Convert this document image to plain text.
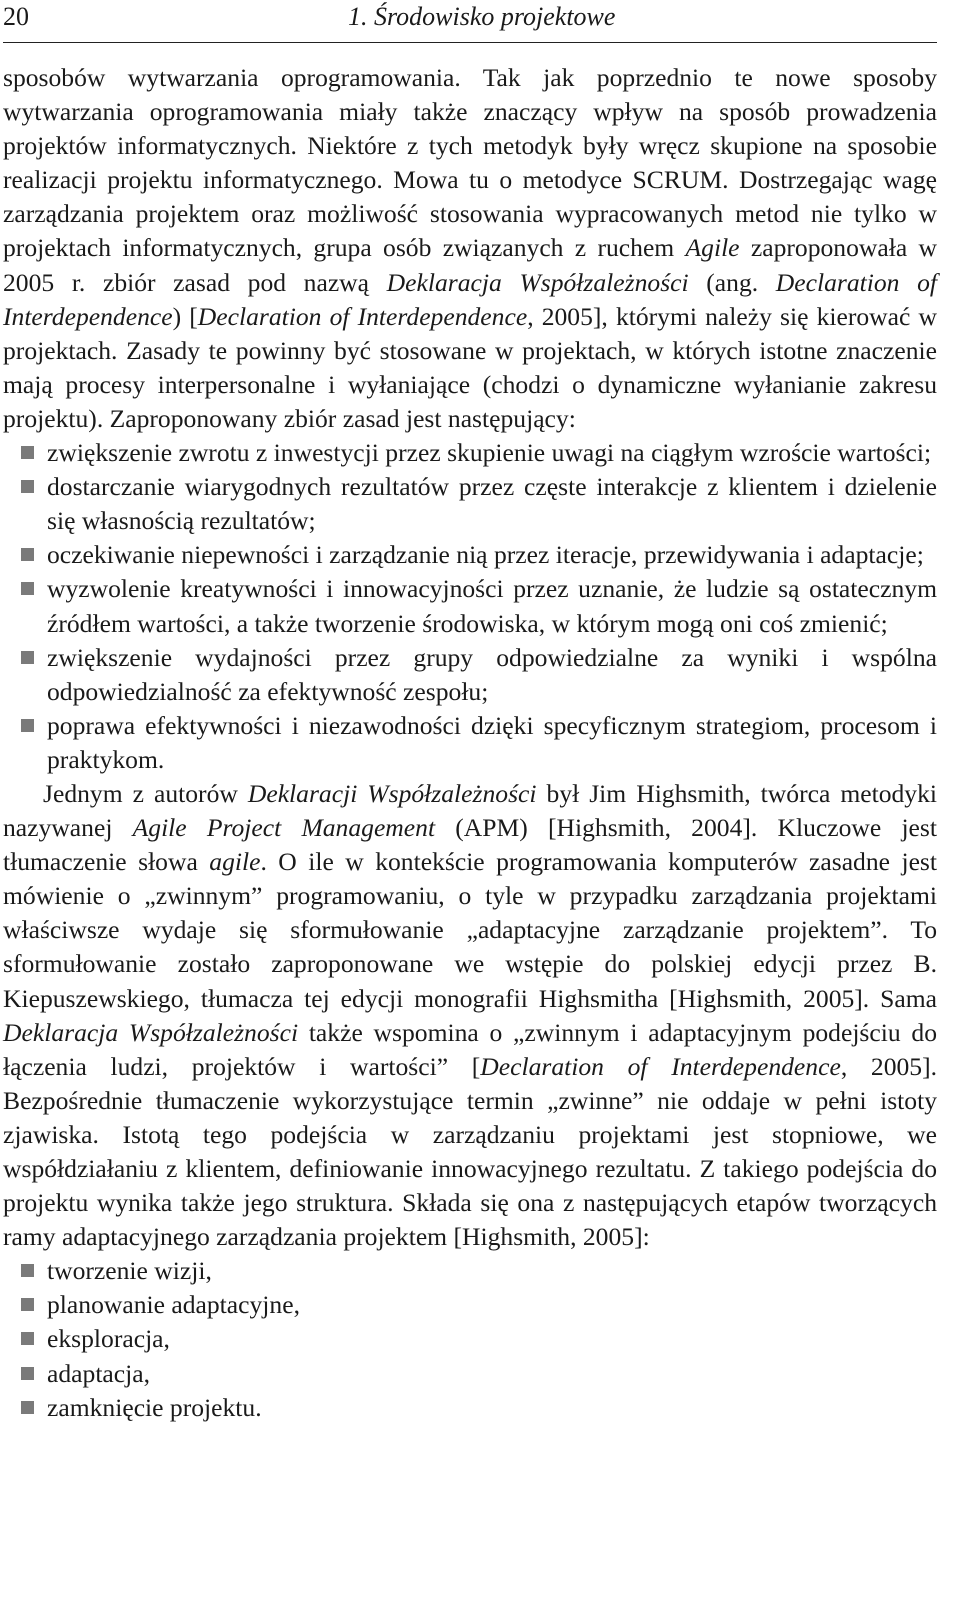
20	1. Środowisko projektowe

sposobów wytwarzania oprogramowania. Tak jak poprzednio te nowe sposoby wytwarzania oprogramowania miały także znaczący wpływ na sposób prowadzenia projektów informatycznych. Niektóre z tych metodyk były wręcz skupione na sposobie realizacji projektu informatycznego. Mowa tu o metodyce SCRUM. Dostrzegając wagę zarządzania projektem oraz możliwość stosowania wypracowanych metod nie tylko w projektach informatycznych, grupa osób związanych z ruchem Agile zaproponowała w 2005 r. zbiór zasad pod nazwą Deklaracja Współzależności (ang. Declaration of Interdependence) [Declaration of Interdependence, 2005], którymi należy się kierować w projektach. Zasady te powinny być stosowane w projektach, w których istotne znaczenie mają procesy interpersonalne i wyłaniające (chodzi o dynamiczne wyłanianie zakresu projektu). Zaproponowany zbiór zasad jest następujący:

zwiększenie zwrotu z inwestycji przez skupienie uwagi na ciągłym wzroście wartości;
dostarczanie wiarygodnych rezultatów przez częste interakcje z klientem i dzielenie się własnością rezultatów;
oczekiwanie niepewności i zarządzanie nią przez iteracje, przewidywania i adaptacje;
wyzwolenie kreatywności i innowacyjności przez uznanie, że ludzie są ostatecznym źródłem wartości, a także tworzenie środowiska, w którym mogą oni coś zmienić;
zwiększenie wydajności przez grupy odpowiedzialne za wyniki i wspólna odpowiedzialność za efektywność zespołu;
poprawa efektywności i niezawodności dzięki specyficznym strategiom, procesom i praktykom.

Jednym z autorów Deklaracji Współzależności był Jim Highsmith, twórca metodyki nazywanej Agile Project Management (APM) [Highsmith, 2004]. Kluczowe jest tłumaczenie słowa agile. O ile w kontekście programowania komputerów zasadne jest mówienie o „zwinnym” programowaniu, o tyle w przypadku zarządzania projektami właściwsze wydaje się sformułowanie „adaptacyjne zarządzanie projektem”. To sformułowanie zostało zaproponowane we wstępie do polskiej edycji przez B. Kiepuszewskiego, tłumacza tej edycji monografii Highsmitha [Highsmith, 2005]. Sama Deklaracja Współzależności także wspomina o „zwinnym i adaptacyjnym podejściu do łączenia ludzi, projektów i wartości” [Declaration of Interdependence, 2005]. Bezpośrednie tłumaczenie wykorzystujące termin „zwinne” nie oddaje w pełni istoty zjawiska. Istotą tego podejścia w zarządzaniu projektami jest stopniowe, we współdziałaniu z klientem, definiowanie innowacyjnego rezultatu. Z takiego podejścia do projektu wynika także jego struktura. Składa się ona z następujących etapów tworzących ramy adaptacyjnego zarządzania projektem [Highsmith, 2005]:

tworzenie wizji,
planowanie adaptacyjne,
eksploracja,
adaptacja,
zamknięcie projektu.
